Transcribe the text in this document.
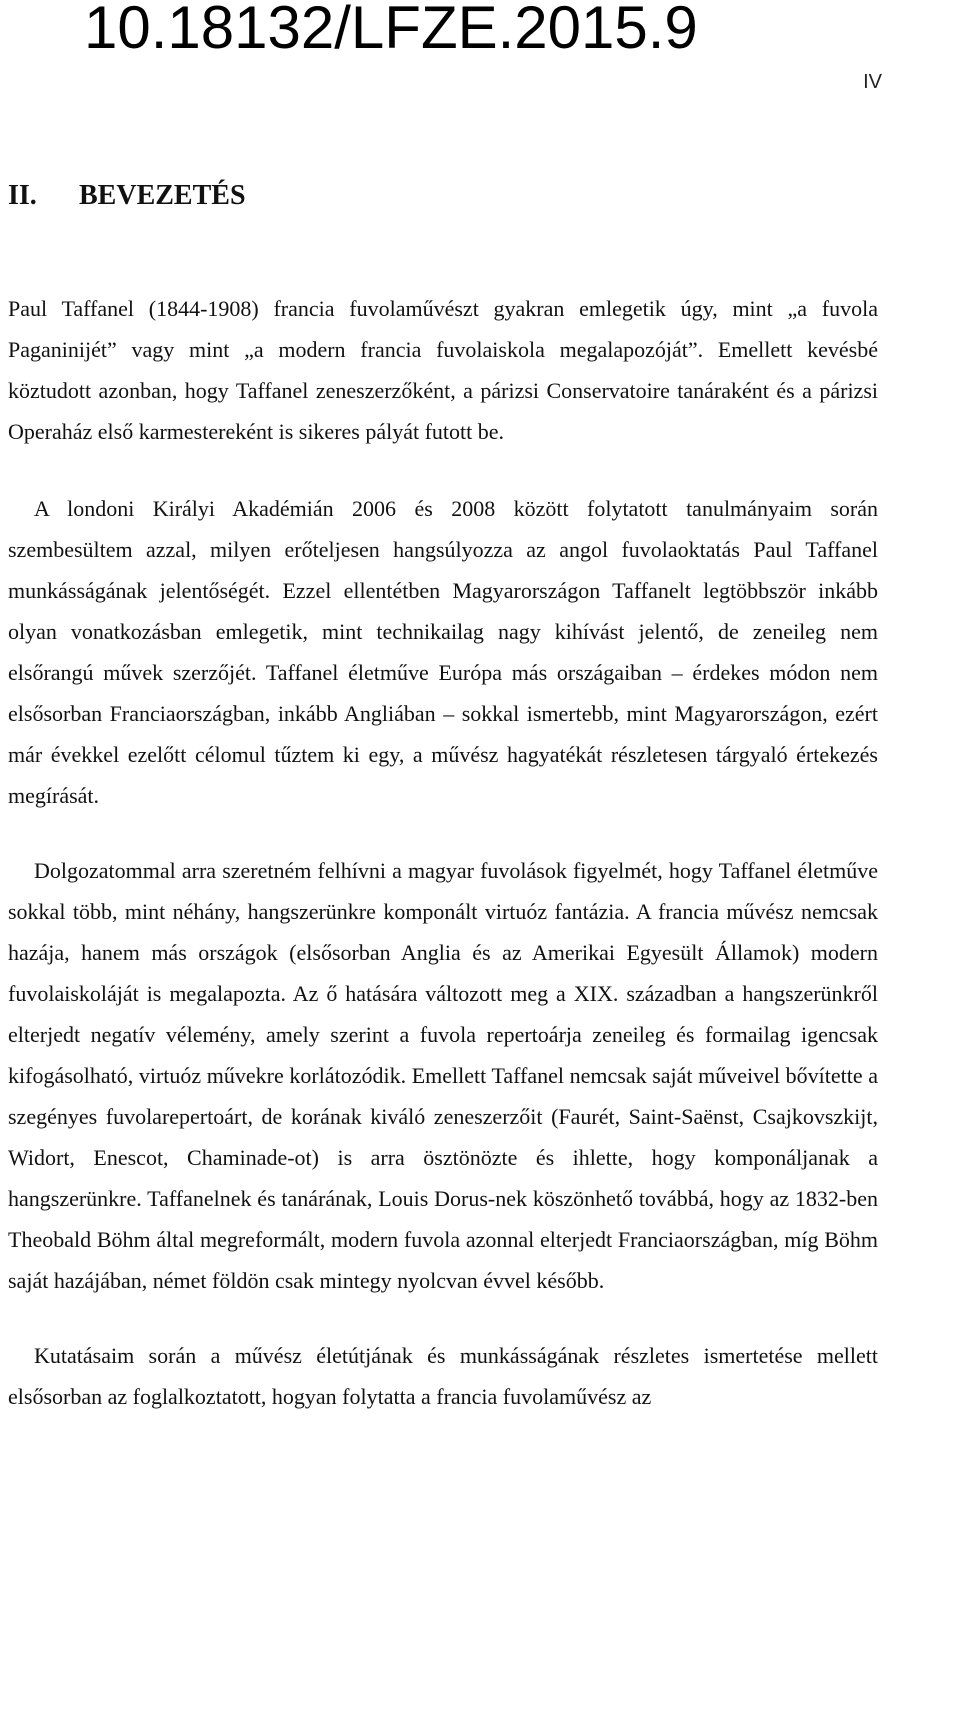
10.18132/LFZE.2015.9
IV
II. BEVEZETÉS

Paul Taffanel (1844-1908) francia fuvolaművészt gyakran emlegetik úgy, mint „a fuvola Paganinijét” vagy mint „a modern francia fuvolaiskola megalapozóját”. Emellett kevésbé köztudott azonban, hogy Taffanel zeneszerzőként, a párizsi Conservatoire tanáraként és a párizsi Operaház első karmestereként is sikeres pályát futott be.

A londoni Királyi Akadémián 2006 és 2008 között folytatott tanulmányaim során szembesültem azzal, milyen erőteljesen hangsúlyozza az angol fuvolaoktatás Paul Taffanel munkásságának jelentőségét. Ezzel ellentétben Magyarországon Taffanelt legtöbbször inkább olyan vonatkozásban emlegetik, mint technikailag nagy kihívást jelentő, de zeneileg nem elsőrangú művek szerzőjét. Taffanel életműve Európa más országaiban – érdekes módon nem elsősorban Franciaországban, inkább Angliában – sokkal ismertebb, mint Magyarországon, ezért már évekkel ezelőtt célomul tűztem ki egy, a művész hagyatékát részletesen tárgyaló értekezés megírását.

Dolgozatommal arra szeretném felhívni a magyar fuvolások figyelmét, hogy Taffanel életműve sokkal több, mint néhány, hangszerünkre komponált virtuóz fantázia. A francia művész nemcsak hazája, hanem más országok (elsősorban Anglia és az Amerikai Egyesült Államok) modern fuvolaiskoláját is megalapozta. Az ő hatására változott meg a XIX. században a hangszerünkről elterjedt negatív vélemény, amely szerint a fuvola repertoárja zeneileg és formailag igencsak kifogásolható, virtuóz művekre korlátozódik. Emellett Taffanel nemcsak saját műveivel bővítette a szegényes fuvolarepertoárt, de korának kiváló zeneszerzőit (Faurét, Saint-Saënst, Csajkovszkijt, Widort, Enescot, Chaminade-ot) is arra ösztönözte és ihlette, hogy komponáljanak a hangszerünkre. Taffanelnek és tanárának, Louis Dorus-nek köszönhető továbbá, hogy az 1832-ben Theobald Böhm által megreformált, modern fuvola azonnal elterjedt Franciaországban, míg Böhm saját hazájában, német földön csak mintegy nyolcvan évvel később.

Kutatásaim során a művész életútjának és munkásságának részletes ismertetése mellett elsősorban az foglalkoztatott, hogyan folytatta a francia fuvolaművész az
